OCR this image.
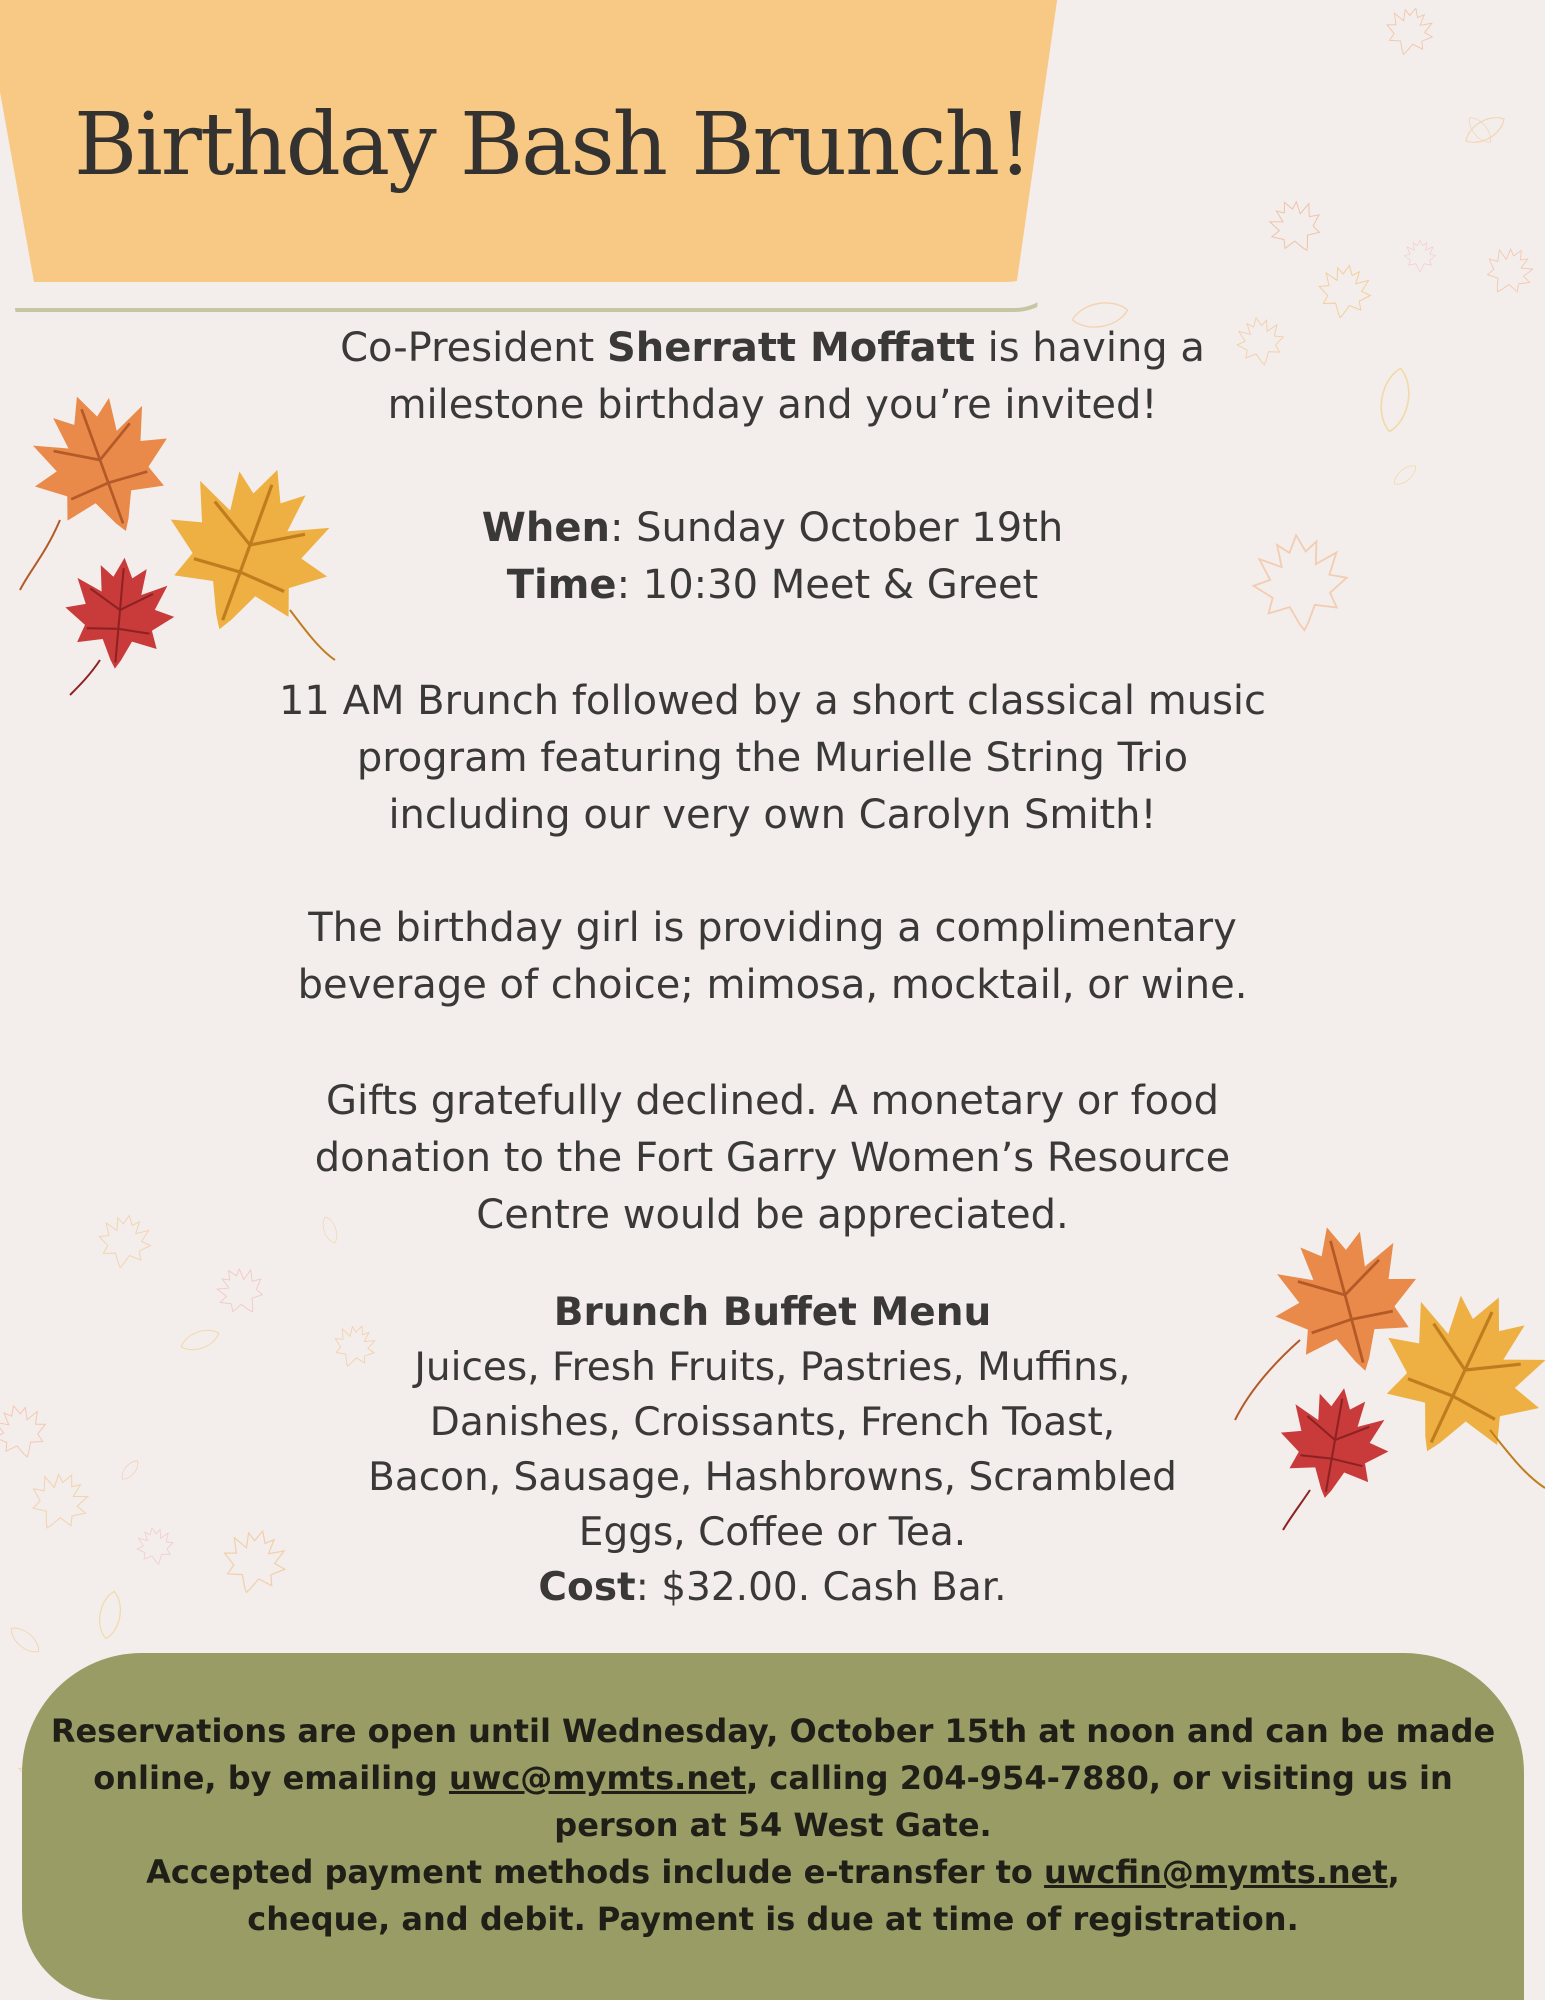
Birthday Bash Brunch!

Co-President Sherratt Moffatt is having a

milestone birthday and you’re invited!

When: Sunday October 19th

Time: 10:30 Meet & Greet

11 AM Brunch followed by a short classical music

program featuring the Murielle String Trio

including our very own Carolyn Smith!

The birthday girl is providing a complimentary

beverage of choice; mimosa, mocktail, or wine.

Gifts gratefully declined. A monetary or food

donation to the Fort Garry Women’s Resource

Centre would be appreciated.

Brunch Buffet Menu

Juices, Fresh Fruits, Pastries, Muffins,

Danishes, Croissants, French Toast,

Bacon, Sausage, Hashbrowns, Scrambled

Eggs, Coffee or Tea.

Cost: $32.00. Cash Bar.

Reservations are open until Wednesday, October 15th at noon and can be made

online, by emailing uwc@mymts.net, calling 204-954-7880, or visiting us in

person at 54 West Gate.

Accepted payment methods include e-transfer to uwcfin@mymts.net,

cheque, and debit. Payment is due at time of registration.
